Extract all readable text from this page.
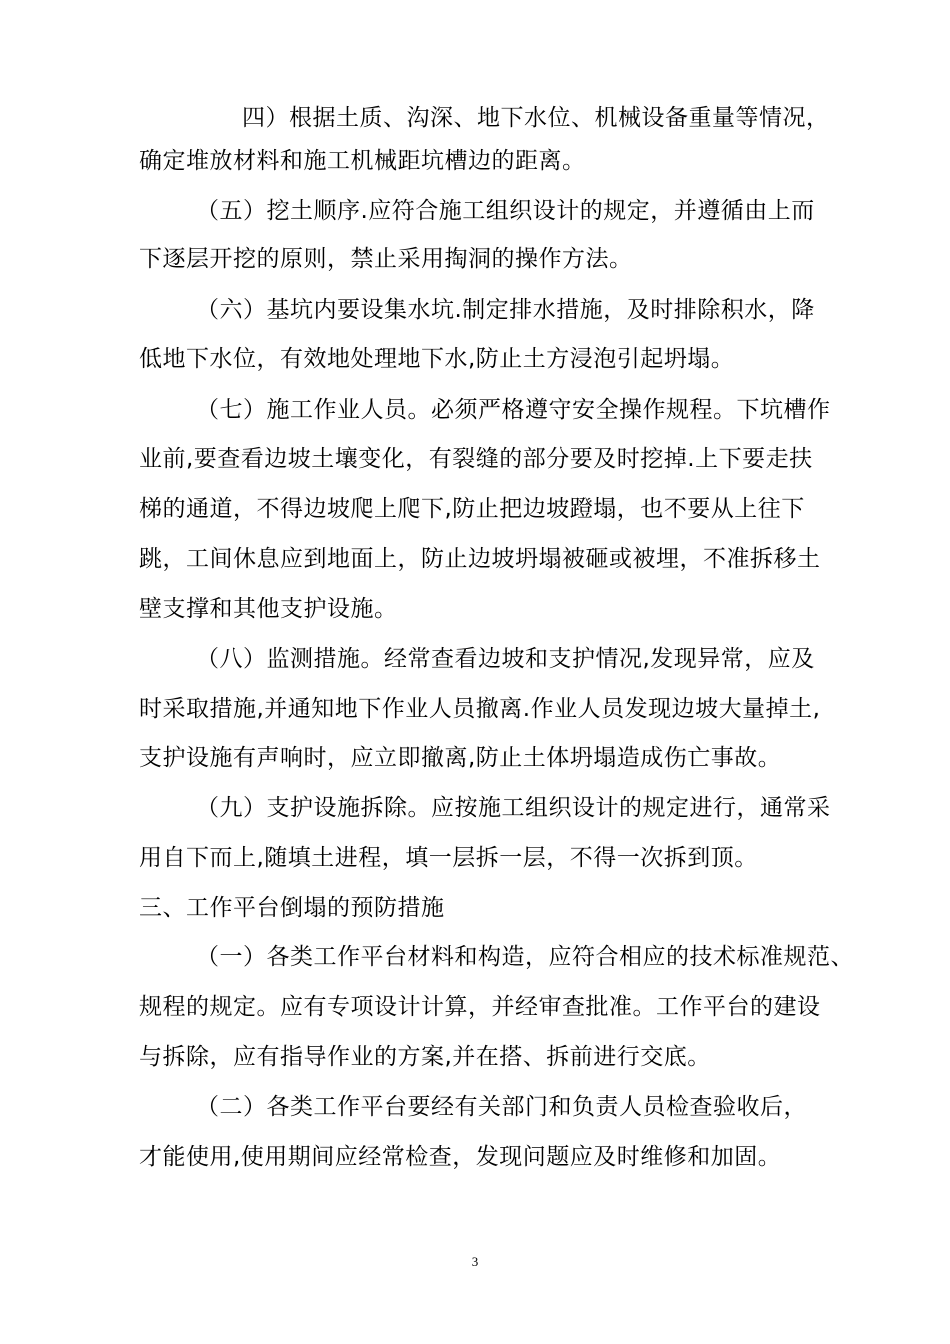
四）根据土质、沟深、地下水位、机械设备重量等情况，
确定堆放材料和施工机械距坑槽边的距离。
（五）挖土顺序.应符合施工组织设计的规定，并遵循由上而
下逐层开挖的原则，禁止采用掏洞的操作方法。
（六）基坑内要设集水坑.制定排水措施，及时排除积水，降
低地下水位，有效地处理地下水,防止土方浸泡引起坍塌。
（七）施工作业人员。必须严格遵守安全操作规程。下坑槽作
业前,要查看边坡土壤变化，有裂缝的部分要及时挖掉.上下要走扶
梯的通道，不得边坡爬上爬下,防止把边坡蹬塌，也不要从上往下
跳，工间休息应到地面上，防止边坡坍塌被砸或被埋，不准拆移土
壁支撑和其他支护设施。
（八）监测措施。经常查看边坡和支护情况,发现异常，应及
时采取措施,并通知地下作业人员撤离.作业人员发现边坡大量掉土,
支护设施有声响时，应立即撤离,防止土体坍塌造成伤亡事故。
（九）支护设施拆除。应按施工组织设计的规定进行，通常采
用自下而上,随填土进程，填一层拆一层，不得一次拆到顶。
三、工作平台倒塌的预防措施
（一）各类工作平台材料和构造，应符合相应的技术标准规范、
规程的规定。应有专项设计计算，并经审查批准。工作平台的建设
与拆除，应有指导作业的方案,并在搭、拆前进行交底。
（二）各类工作平台要经有关部门和负责人员检查验收后，
才能使用,使用期间应经常检查，发现问题应及时维修和加固。
3
